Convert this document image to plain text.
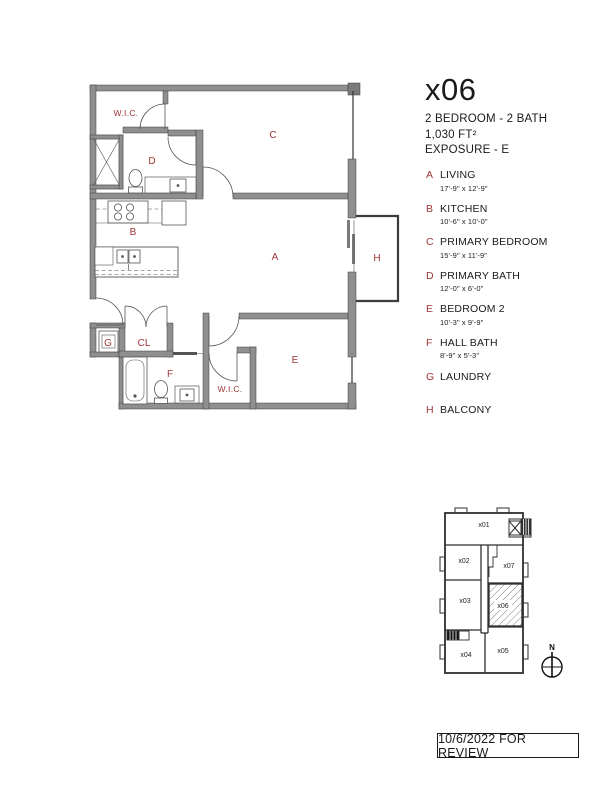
W.I.C.
D
C
B
A	H
G	CL
F
W.I.C.
E
x06
2 BEDROOM - 2 BATH
1,030 FT²
EXPOSURE - E
A LIVING
17'-9" x 12'-9"
B KITCHEN
10'-6" x 10'-0"
C PRIMARY BEDROOM
15'-9" x 11'-9"
D PRIMARY BATH
12'-0" x 6'-0"
E BEDROOM 2
10'-3" x 9'-9"
F HALL BATH
8'-9" x 5'-3"
G LAUNDRY
H BALCONY
x01
x02
x07
x03
x06
x04
x05	N
10/6/2022 FOR REVIEW
